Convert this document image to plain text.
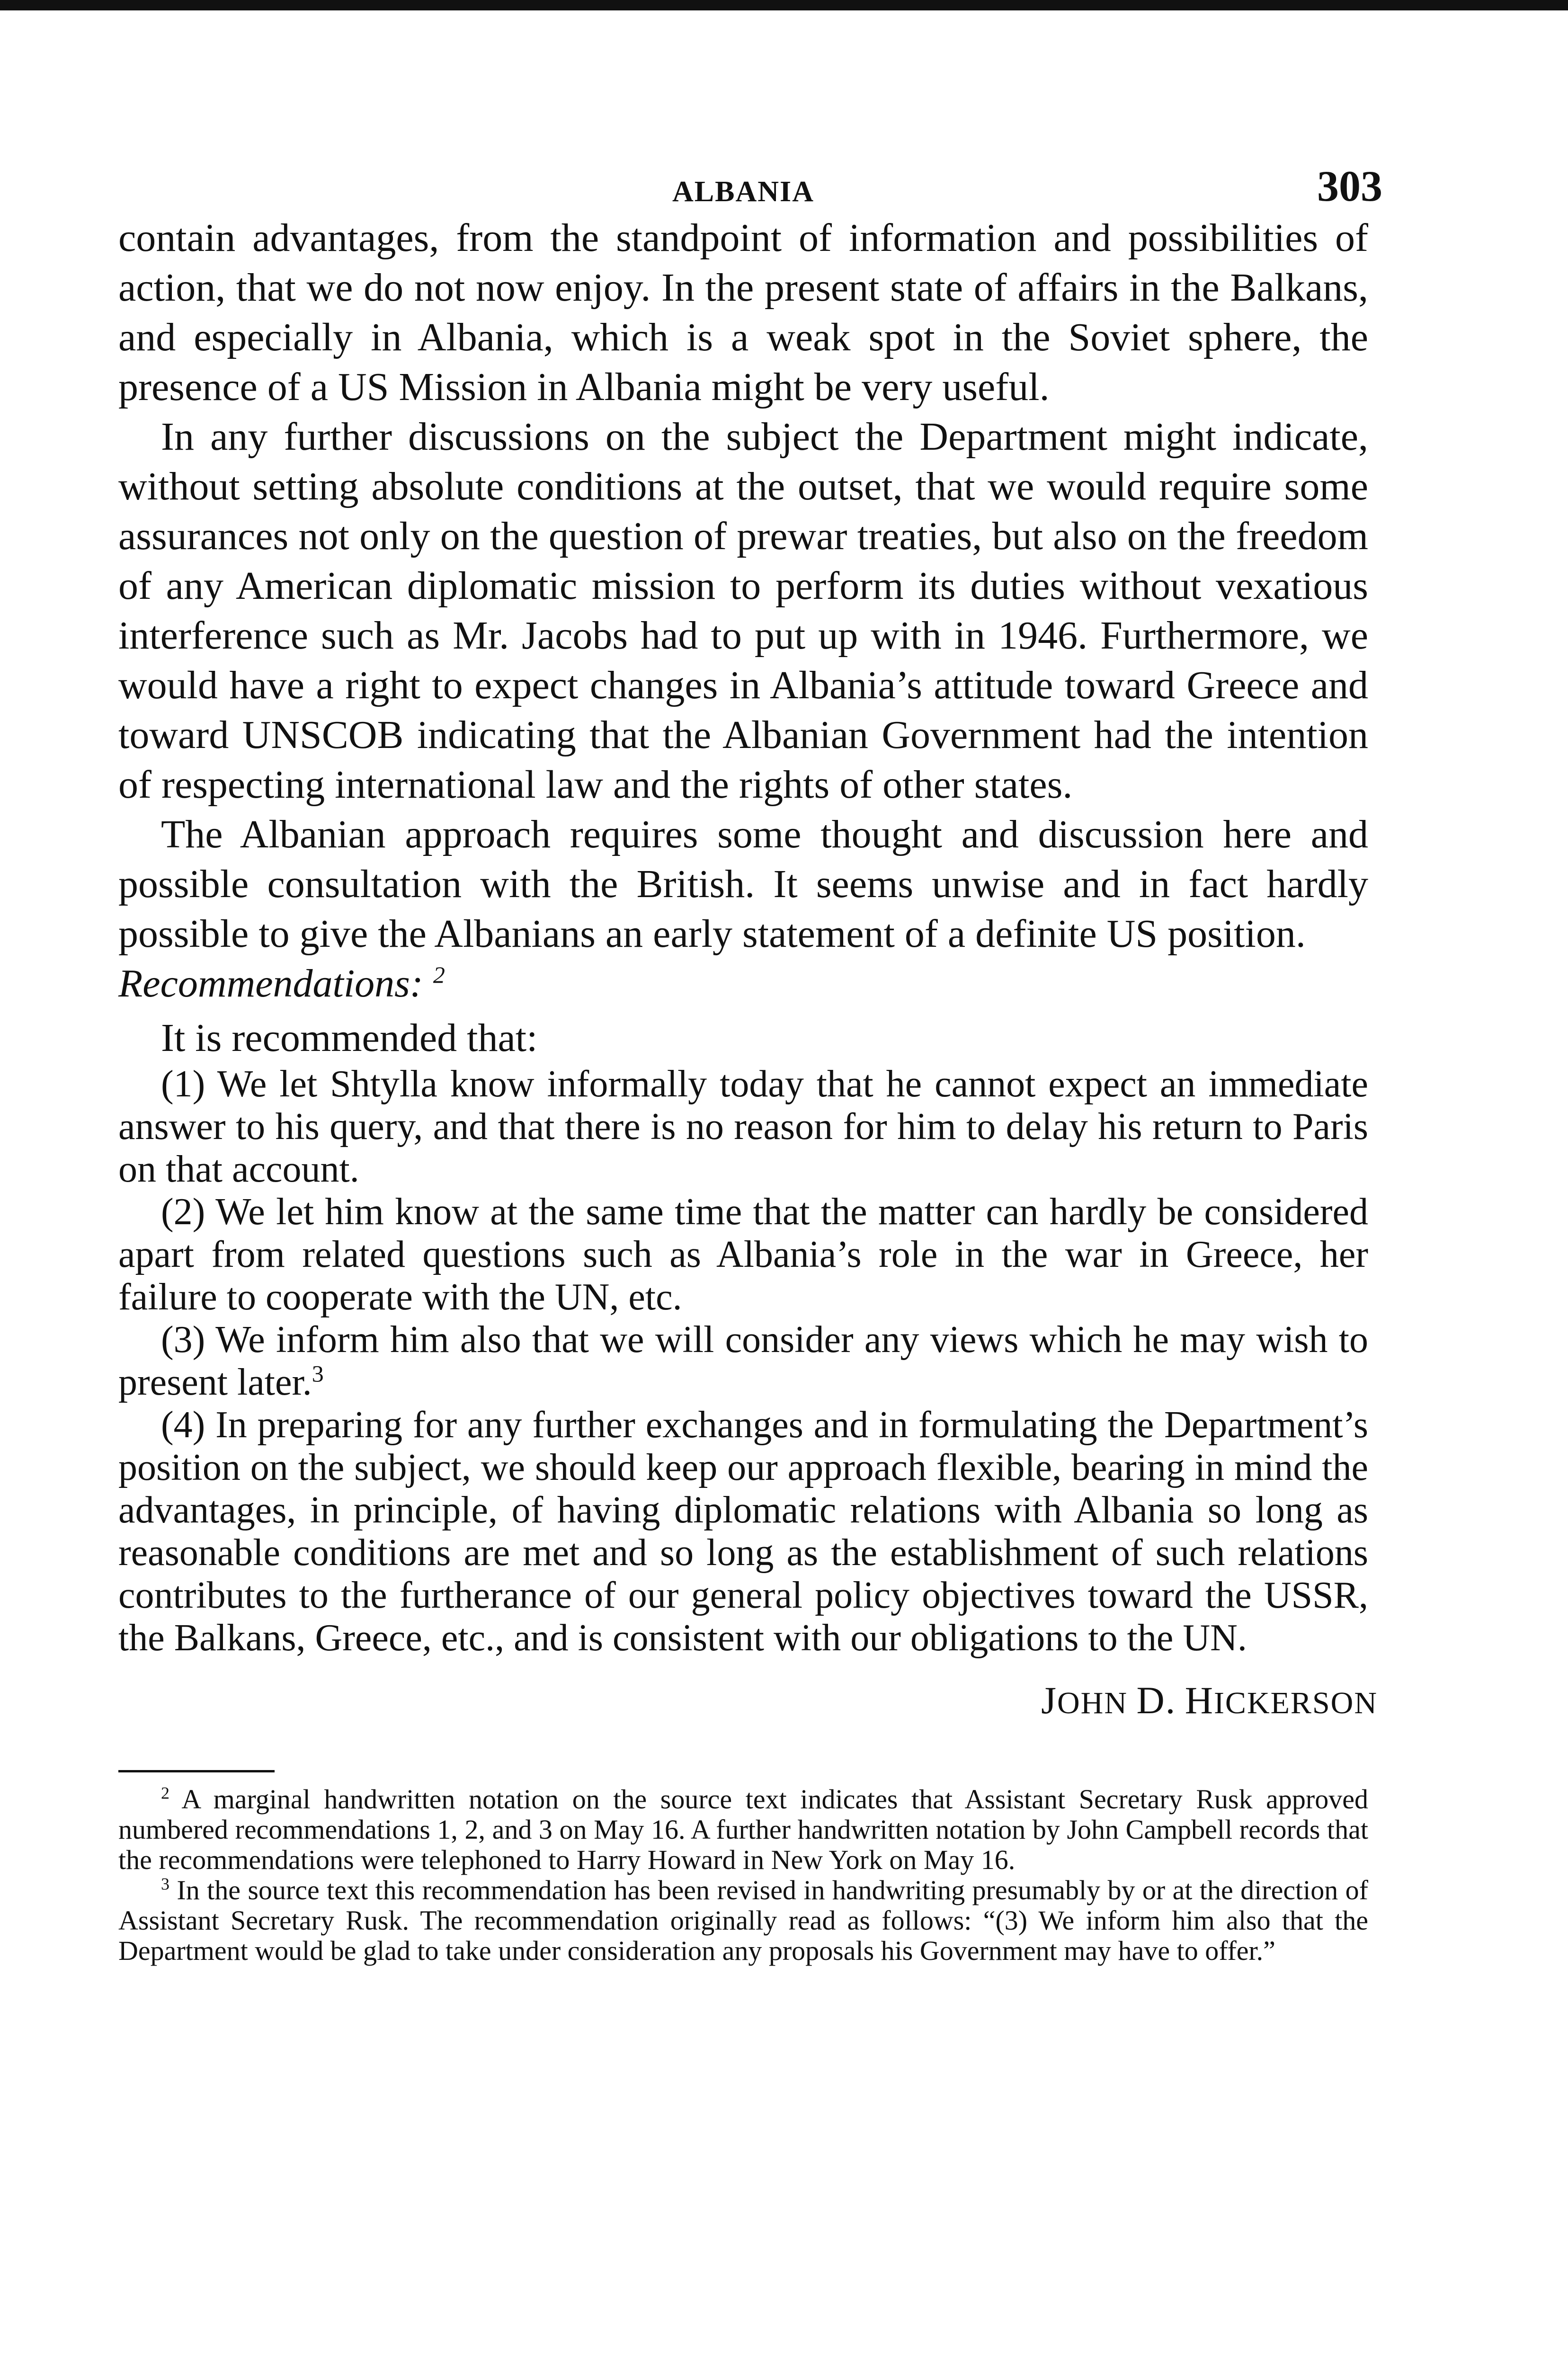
ALBANIA	303

contain advantages, from the standpoint of information and possibilities of action, that we do not now enjoy. In the present state of affairs in the Balkans, and especially in Albania, which is a weak spot in the Soviet sphere, the presence of a US Mission in Albania might be very useful.

In any further discussions on the subject the Department might indicate, without setting absolute conditions at the outset, that we would require some assurances not only on the question of prewar treaties, but also on the freedom of any American diplomatic mission to perform its duties without vexatious interference such as Mr. Jacobs had to put up with in 1946. Furthermore, we would have a right to expect changes in Albania’s attitude toward Greece and toward UNSCOB indicating that the Albanian Government had the intention of respecting international law and the rights of other states.

The Albanian approach requires some thought and discussion here and possible consultation with the British. It seems unwise and in fact hardly possible to give the Albanians an early statement of a definite US position.

Recommendations: $^2$

It is recommended that:

(1) We let Shtylla know informally today that he cannot expect an immediate answer to his query, and that there is no reason for him to delay his return to Paris on that account.

(2) We let him know at the same time that the matter can hardly be considered apart from related questions such as Albania’s role in the war in Greece, her failure to cooperate with the UN, etc.

(3) We inform him also that we will consider any views which he may wish to present later.$^3$

(4) In preparing for any further exchanges and in formulating the Department’s position on the subject, we should keep our approach flexible, bearing in mind the advantages, in principle, of having diplomatic relations with Albania so long as reasonable conditions are met and so long as the establishment of such relations contributes to the furtherance of our general policy objectives toward the USSR, the Balkans, Greece, etc., and is consistent with our obligations to the UN.

JOHN D. HICKERSON

$^2$ A marginal handwritten notation on the source text indicates that Assistant Secretary Rusk approved numbered recommendations 1, 2, and 3 on May 16. A further handwritten notation by John Campbell records that the recommendations were telephoned to Harry Howard in New York on May 16.

$^3$ In the source text this recommendation has been revised in handwriting presumably by or at the direction of Assistant Secretary Rusk. The recommendation originally read as follows: “(3) We inform him also that the Department would be glad to take under consideration any proposals his Government may have to offer.”
